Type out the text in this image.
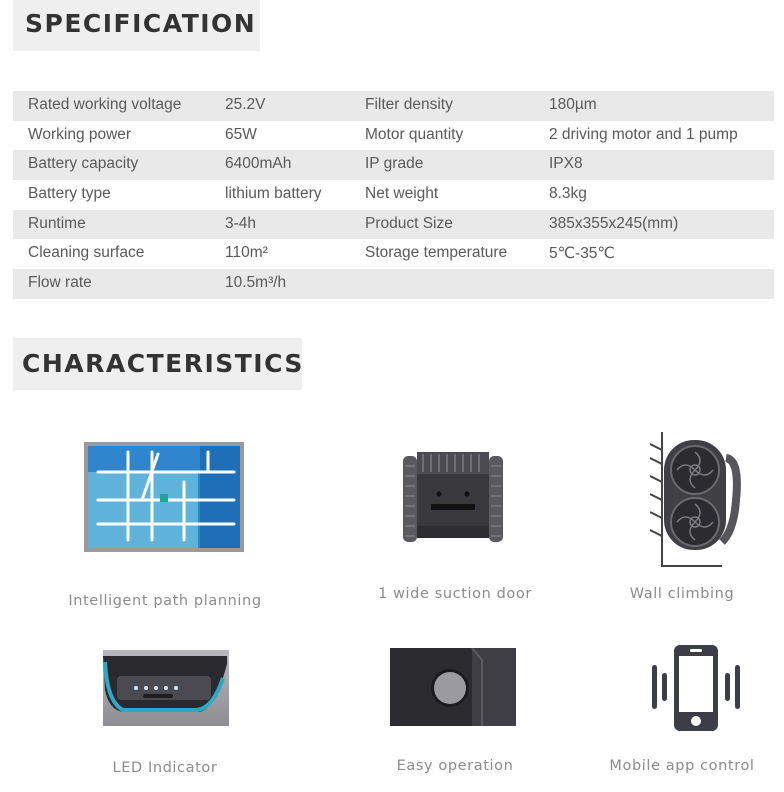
SPECIFICATION
Rated working voltage	25.2V	Filter density	180µm
Working power	65W	Motor quantity	2 driving motor and 1 pump
Battery capacity	6400mAh	IP grade	IPX8
Battery type	lithium battery	Net weight	8.3kg
Runtime	3-4h	Product Size	385x355x245(mm)
Cleaning surface	110m²	Storage temperature	5℃-35℃
Flow rate	10.5m³/h
CHARACTERISTICS
Intelligent path planning	1 wide suction door	Wall climbing
LED Indicator	Easy operation	Mobile app control
